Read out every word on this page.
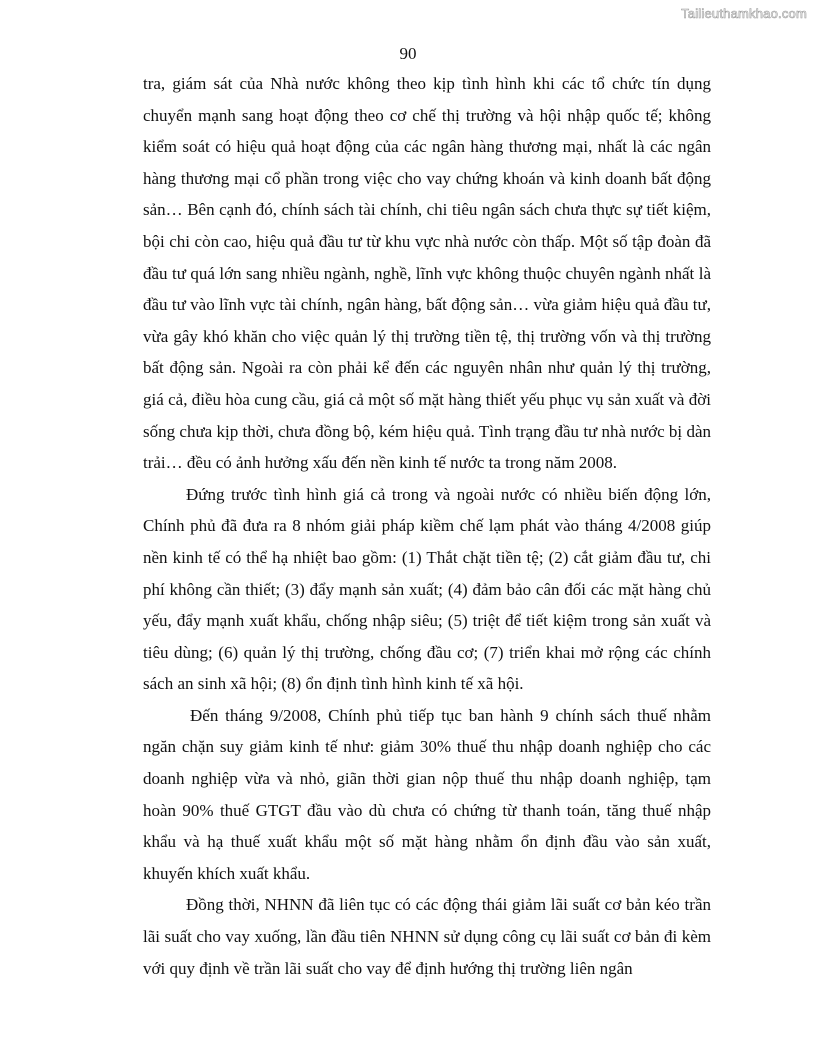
Tailieuthamkhao.com
90

tra, giám sát của Nhà nước không theo kịp tình hình khi các tổ chức tín dụng chuyển mạnh sang hoạt động theo cơ chế thị trường và hội nhập quốc tế; không kiểm soát có hiệu quả hoạt động của các ngân hàng thương mại, nhất là các ngân hàng thương mại cổ phần trong việc cho vay chứng khoán và kinh doanh bất động sản… Bên cạnh đó, chính sách tài chính, chi tiêu ngân sách chưa thực sự tiết kiệm, bội chi còn cao, hiệu quả đầu tư từ khu vực nhà nước còn thấp. Một số tập đoàn đã đầu tư quá lớn sang nhiều ngành, nghề, lĩnh vực không thuộc chuyên ngành nhất là đầu tư vào lĩnh vực tài chính, ngân hàng, bất động sản… vừa giảm hiệu quả đầu tư, vừa gây khó khăn cho việc quản lý thị trường tiền tệ, thị trường vốn và thị trường bất động sản. Ngoài ra còn phải kể đến các nguyên nhân như quản lý thị trường, giá cả, điều hòa cung cầu, giá cả một số mặt hàng thiết yếu phục vụ sản xuất và đời sống chưa kịp thời, chưa đồng bộ, kém hiệu quả. Tình trạng đầu tư nhà nước bị dàn trải… đều có ảnh hưởng xấu đến nền kinh tế nước ta trong năm 2008.

Đứng trước tình hình giá cả trong và ngoài nước có nhiều biến động lớn, Chính phủ đã đưa ra 8 nhóm giải pháp kiềm chế lạm phát vào tháng 4/2008 giúp nền kinh tế có thể hạ nhiệt bao gồm: (1) Thắt chặt tiền tệ; (2) cắt giảm đầu tư, chi phí không cần thiết; (3) đẩy mạnh sản xuất; (4) đảm bảo cân đối các mặt hàng chủ yếu, đẩy mạnh xuất khẩu, chống nhập siêu; (5) triệt để tiết kiệm trong sản xuất và tiêu dùng; (6) quản lý thị trường, chống đầu cơ; (7) triển khai mở rộng các chính sách an sinh xã hội; (8) ổn định tình hình kinh tế xã hội.

Đến tháng 9/2008, Chính phủ tiếp tục ban hành 9 chính sách thuế nhằm ngăn chặn suy giảm kinh tế như: giảm 30% thuế thu nhập doanh nghiệp cho các doanh nghiệp vừa và nhỏ, giãn thời gian nộp thuế thu nhập doanh nghiệp, tạm hoàn 90% thuế GTGT đầu vào dù chưa có chứng từ thanh toán, tăng thuế nhập khẩu và hạ thuế xuất khẩu một số mặt hàng nhằm ổn định đầu vào sản xuất, khuyến khích xuất khẩu.

Đồng thời, NHNN đã liên tục có các động thái giảm lãi suất cơ bản kéo trần lãi suất cho vay xuống, lần đầu tiên NHNN sử dụng công cụ lãi suất cơ bản đi kèm với quy định về trần lãi suất cho vay để định hướng thị trường liên ngân
